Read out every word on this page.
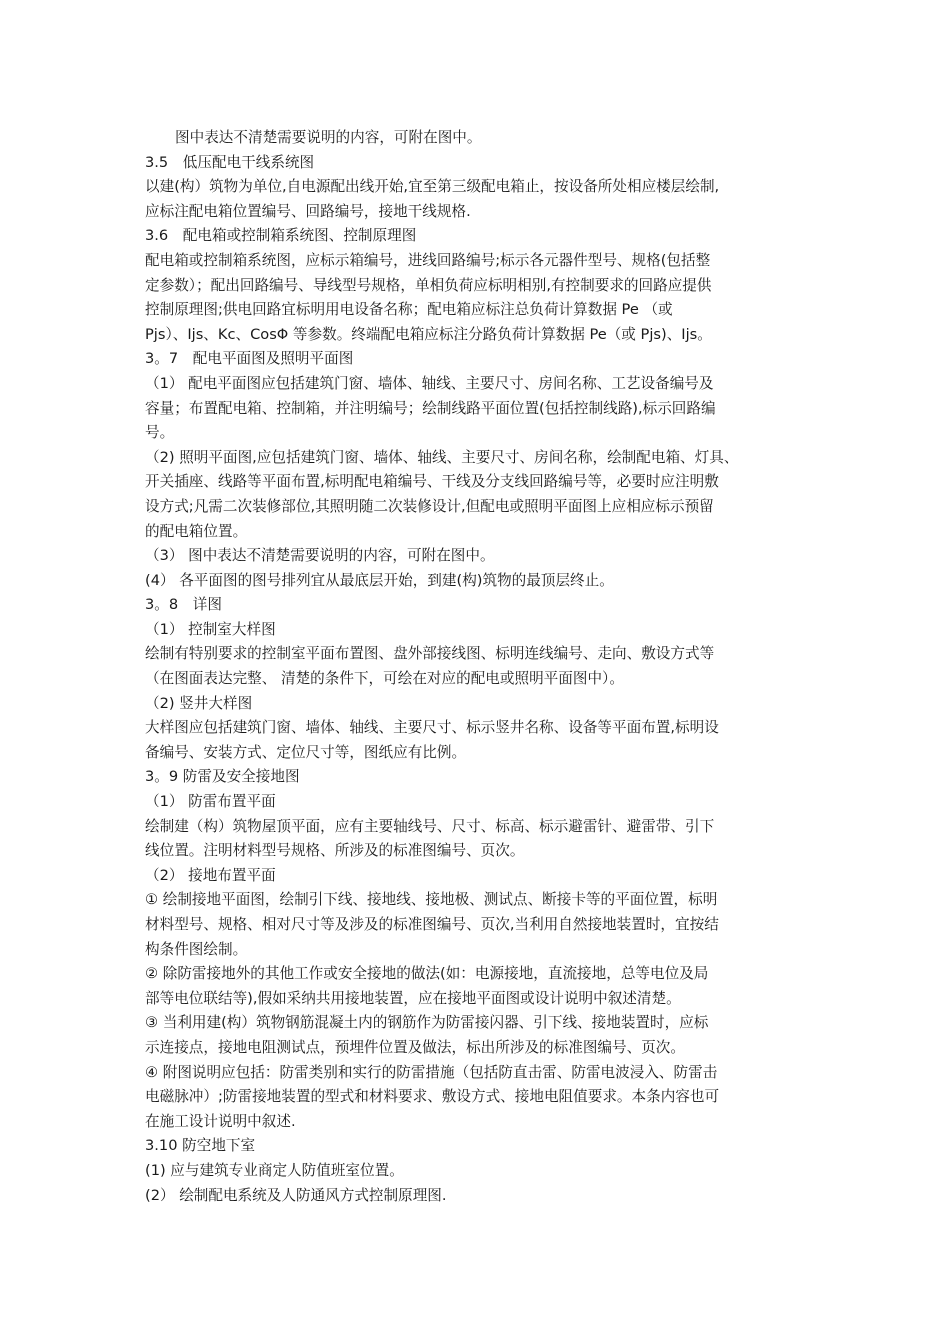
图中表达不清楚需要说明的内容，可附在图中。

3.5　低压配电干线系统图

以建(构）筑物为单位,自电源配出线开始,宜至第三级配电箱止，按设备所处相应楼层绘制,

应标注配电箱位置编号、回路编号，接地干线规格.

3.6　配电箱或控制箱系统图、控制原理图

配电箱或控制箱系统图，应标示箱编号，进线回路编号;标示各元器件型号、规格(包括整

定参数）；配出回路编号、导线型号规格，单相负荷应标明相别,有控制要求的回路应提供

控制原理图;供电回路宜标明用电设备名称；配电箱应标注总负荷计算数据 Pe （或

Pjs）、Ijs、Kc、CosΦ 等参数。终端配电箱应标注分路负荷计算数据 Pe（或 Pjs)、Ijs。

3。7　配电平面图及照明平面图

（1） 配电平面图应包括建筑门窗、墙体、轴线、主要尺寸、房间名称、工艺设备编号及

容量；布置配电箱、控制箱，并注明编号；绘制线路平面位置(包括控制线路),标示回路编

号。

（2) 照明平面图,应包括建筑门窗、墙体、轴线、主要尺寸、房间名称，绘制配电箱、灯具、

开关插座、线路等平面布置,标明配电箱编号、干线及分支线回路编号等，必要时应注明敷

设方式;凡需二次装修部位,其照明随二次装修设计,但配电或照明平面图上应相应标示预留

的配电箱位置。

（3） 图中表达不清楚需要说明的内容，可附在图中。

(4） 各平面图的图号排列宜从最底层开始，到建(构)筑物的最顶层终止。

3。8　详图

（1） 控制室大样图

绘制有特别要求的控制室平面布置图、盘外部接线图、标明连线编号、走向、敷设方式等

（在图面表达完整、 清楚的条件下，可绘在对应的配电或照明平面图中）。

（2) 竖井大样图

大样图应包括建筑门窗、墙体、轴线、主要尺寸、标示竖井名称、设备等平面布置,标明设

备编号、安装方式、定位尺寸等，图纸应有比例。

3。9 防雷及安全接地图

（1） 防雷布置平面

绘制建（构）筑物屋顶平面，应有主要轴线号、尺寸、标高、标示避雷针、避雷带、引下

线位置。注明材料型号规格、所涉及的标准图编号、页次。

（2） 接地布置平面

① 绘制接地平面图，绘制引下线、接地线、接地极、测试点、断接卡等的平面位置，标明

材料型号、规格、相对尺寸等及涉及的标准图编号、页次,当利用自然接地装置时，宜按结

构条件图绘制。

② 除防雷接地外的其他工作或安全接地的做法(如：电源接地，直流接地，总等电位及局

部等电位联结等),假如采纳共用接地装置，应在接地平面图或设计说明中叙述清楚。

③ 当利用建(构）筑物钢筋混凝土内的钢筋作为防雷接闪器、引下线、接地装置时，应标

示连接点，接地电阻测试点，预埋件位置及做法，标出所涉及的标准图编号、页次。

④ 附图说明应包括：防雷类别和实行的防雷措施（包括防直击雷、防雷电波浸入、防雷击

电磁脉冲）;防雷接地装置的型式和材料要求、敷设方式、接地电阻值要求。本条内容也可

在施工设计说明中叙述.

3.10 防空地下室

(1) 应与建筑专业商定人防值班室位置。

(2） 绘制配电系统及人防通风方式控制原理图.
